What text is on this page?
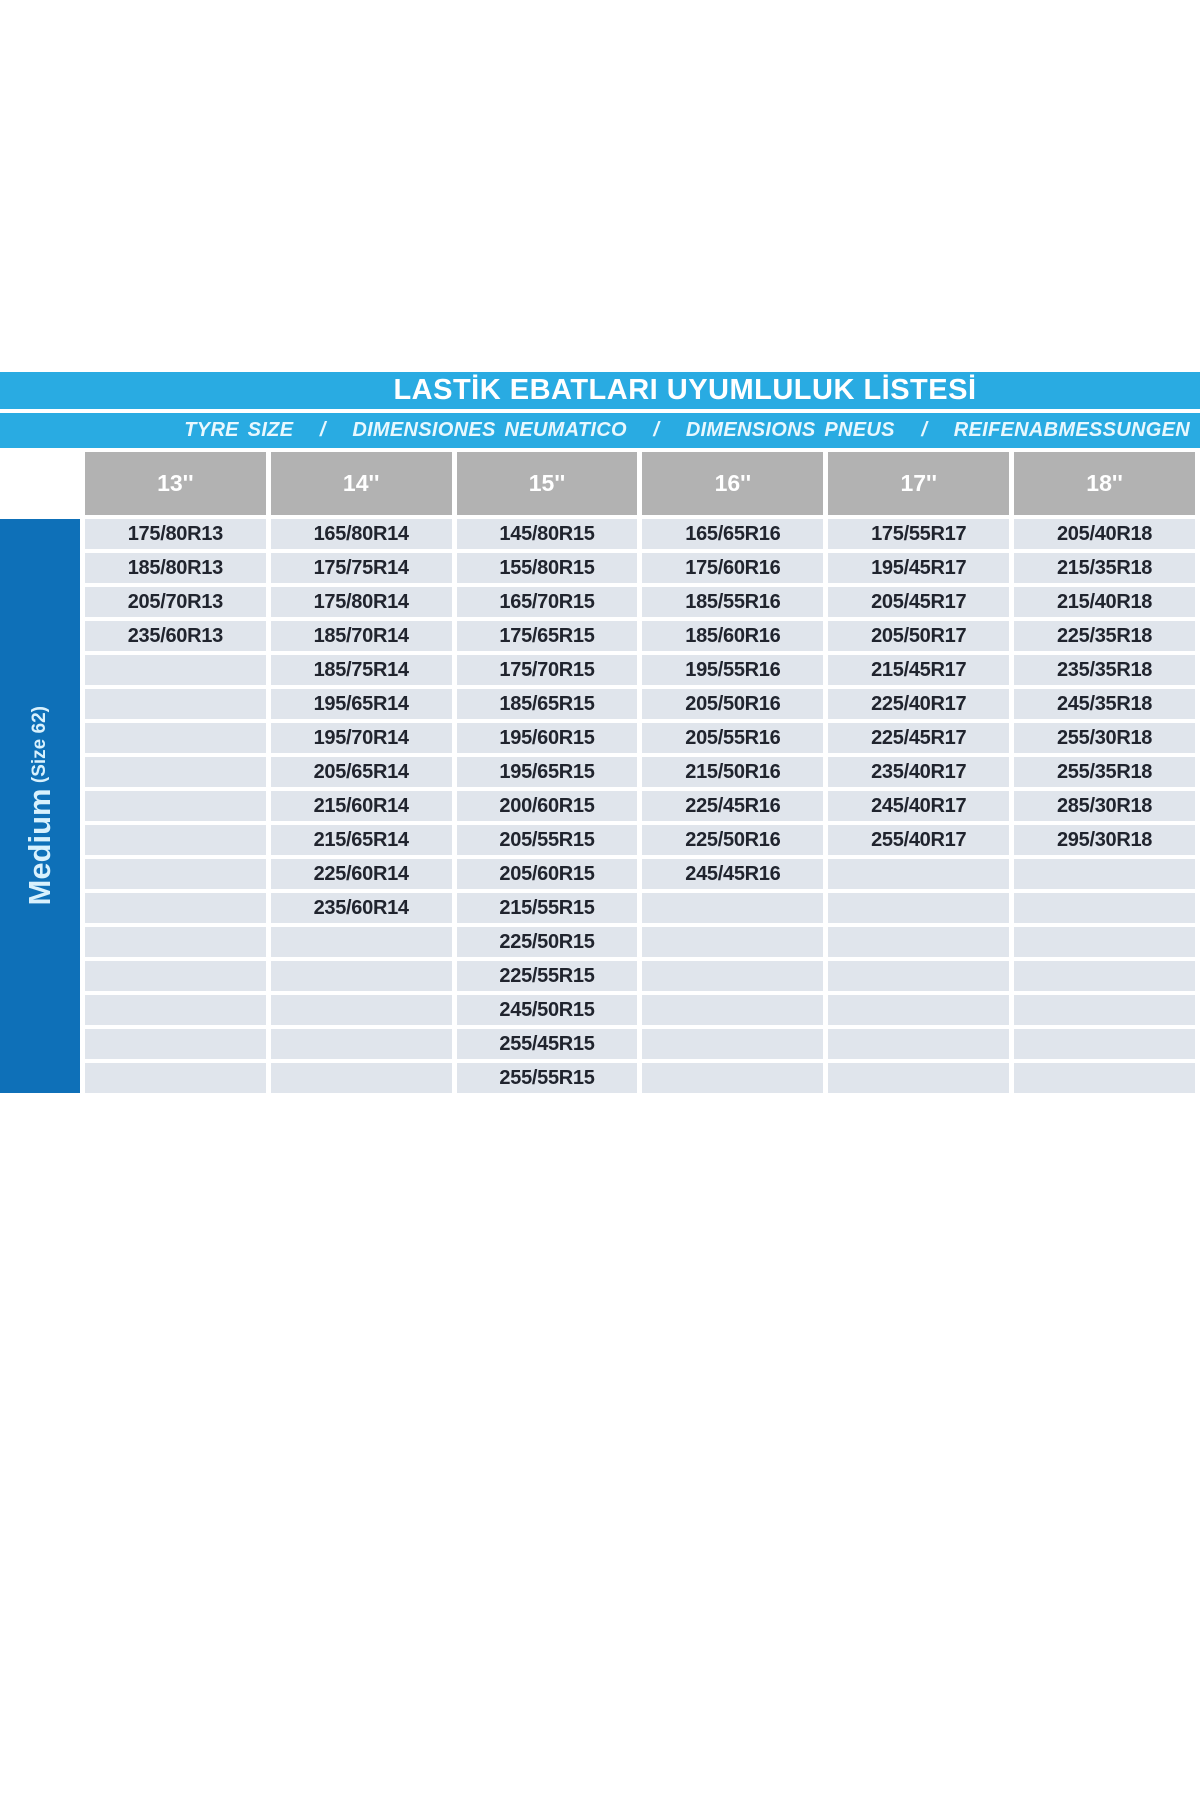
LASTİK EBATLARI UYUMLULUK LİSTESİ
TYRE SIZE   /   DIMENSIONES NEUMATICO   /   DIMENSIONS PNEUS   /   REIFENABMESSUNGEN
	13''	14''	15''	16''	17''	18''

Medium (Size 62)	175/80R13	165/80R14	145/80R15	165/65R16	175/55R17	205/40R18
	185/80R13	175/75R14	155/80R15	175/60R16	195/45R17	215/35R18
	205/70R13	175/80R14	165/70R15	185/55R16	205/45R17	215/40R18
	235/60R13	185/70R14	175/65R15	185/60R16	205/50R17	225/35R18
		185/75R14	175/70R15	195/55R16	215/45R17	235/35R18
		195/65R14	185/65R15	205/50R16	225/40R17	245/35R18
		195/70R14	195/60R15	205/55R16	225/45R17	255/30R18
		205/65R14	195/65R15	215/50R16	235/40R17	255/35R18
		215/60R14	200/60R15	225/45R16	245/40R17	285/30R18
		215/65R14	205/55R15	225/50R16	255/40R17	295/30R18
		225/60R14	205/60R15	245/45R16		
		235/60R14	215/55R15			
			225/50R15			
			225/55R15			
			245/50R15			
			255/45R15			
			255/55R15			
